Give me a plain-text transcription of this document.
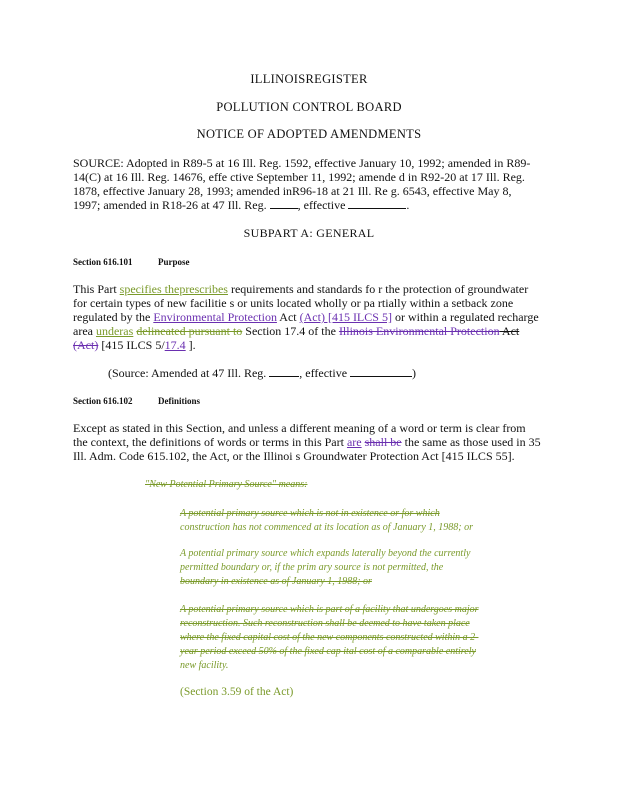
ILLINOISREGISTER
POLLUTION CONTROL BOARD
NOTICE OF ADOPTED AMENDMENTS
SOURCE: Adopted in R89-5 at 16 Ill. Reg. 1592, effective January 10, 1992; amended in R89-
14(C) at 16 Ill. Reg. 14676, effe ctive September 11, 1992; amende d in R92-20 at 17 Ill. Reg.
1878, effective January 28, 1993; amended inR96-18 at 21 Ill. Re g. 6543, effective May 8,
1997; amended in R18-26 at 47 Ill. Reg.	, effective	.
SUBPART A: GENERAL
Section 616.101	Purpose
This Part specifies theprescribes requirements and standards fo r the protection of groundwater
for certain types of new facilitie s or units located wholly or pa rtially within a setback zone
regulated by the Environmental Protection Act (Act) [415 ILCS 5] or within a regulated recharge
area underas delineated pursuant to Section 17.4 of the Illinois Environmental Protection Act
(Act) [415 ILCS 5/17.4 ].
(Source: Amended at 47 Ill. Reg.	, effective	)
Section 616.102	Definitions
Except as stated in this Section, and unless a different meaning of a word or term is clear from
the context, the definitions of words or terms in this Part are shall be the same as those used in 35
Ill. Adm. Code 615.102, the Act, or the Illinoi s Groundwater Protection Act [415 ILCS 55].
"New Potential Primary Source" means:
A potential primary source which is not in existence or for which
construction has not commenced at its location as of January 1, 1988; or
A potential primary source which expands laterally beyond the currently
permitted boundary or, if the prim ary source is not permitted, the
boundary in existence as of January 1, 1988; or
A potential primary source which is part of a facility that undergoes major
reconstruction. Such reconstruction shall be deemed to have taken place
where the fixed capital cost of the new components constructed within a 2-
year period exceed 50% of the fixed cap ital cost of a comparable entirely
new facility.
(Section 3.59 of the Act)
